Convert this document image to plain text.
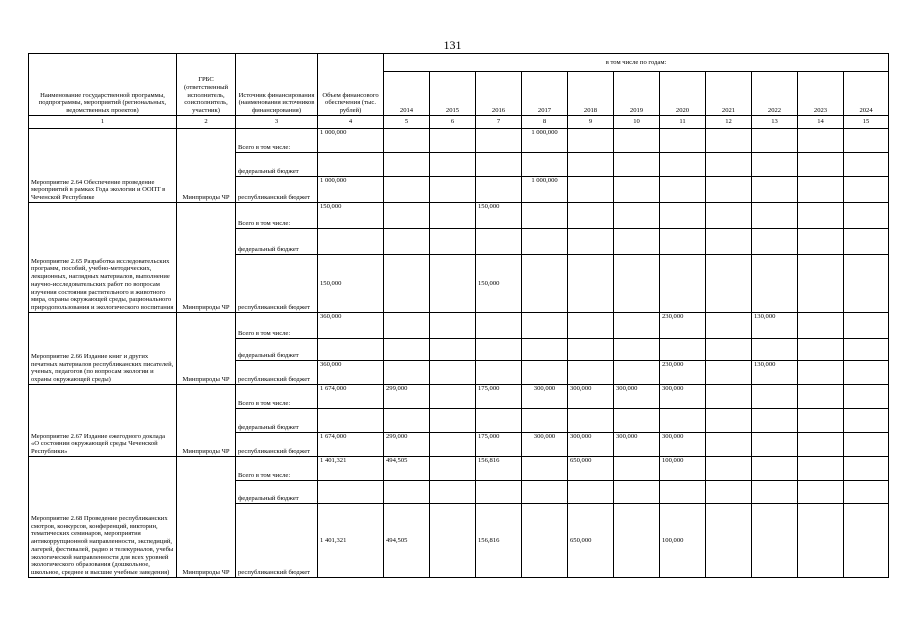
131
Наименование государственной программы, подпрограммы, мероприятий (региональных, ведомственных проектов)	ГРБС (ответственный исполнитель, соисполнитель, участник)	Источник финансирования (наименования источников финансирования)	Объем финансового обеспечения (тыс. рублей)	в том числе по годам:										
				2014	2015	2016	2017	2018	2019	2020	2021	2022	2023	2024
1	2	3	4	5	6	7	8	9	10	11	12	13	14	15
Мероприятие 2.64 Обеспечение проведение мероприятий в рамках Года экологии и ООПТ в Чеченской Республике	Минприроды ЧР	Всего в том числе:	1 000,000				1 000,000							
		федеральный бюджет												
		республиканский бюджет	1 000,000				1 000,000							
Мероприятие 2.65 Разработка исследовательских программ, пособий, учебно-методических, лекционных, наглядных материалов, выполнение научно-исследовательских работ по вопросам изучения состояния растительного и животного мира, охраны окружающей среды, рационального природопользования и экологического воспитания	Минприроды ЧР	Всего в том числе:	150,000			150,000								
		федеральный бюджет												
		республиканский бюджет	150,000			150,000								
Мероприятие 2.66 Издание книг и других печатных материалов республиканских писателей, ученых, педагогов (по вопросам экологии и охраны окружающей среды)	Минприроды ЧР	Всего в том числе:	360,000							230,000		130,000		
		федеральный бюджет												
		республиканский бюджет	360,000							230,000		130,000		
Мероприятие 2.67 Издание ежегодного доклада «О состоянии окружающей среды Чеченской Республики»	Минприроды ЧР	Всего в том числе:	1 674,000	299,000		175,000	300,000	300,000	300,000	300,000				
		федеральный бюджет												
		республиканский бюджет	1 674,000	299,000		175,000	300,000	300,000	300,000	300,000				
Мероприятие 2.68 Проведение республиканских смотров, конкурсов, конференций, викторин, тематических семинаров, мероприятия антикоррупционной направленности, экспедиций, лагерей, фестивалей, радио и телекурналов, учебы экологической направленности для всех уровней экологического образования (дошкольное, школьное, среднее и высшие учебные заведения)	Минприроды ЧР	Всего в том числе:	1 401,321	494,505		156,816		650,000		100,000				
		федеральный бюджет												
		республиканский бюджет	1 401,321	494,505		156,816		650,000		100,000				
